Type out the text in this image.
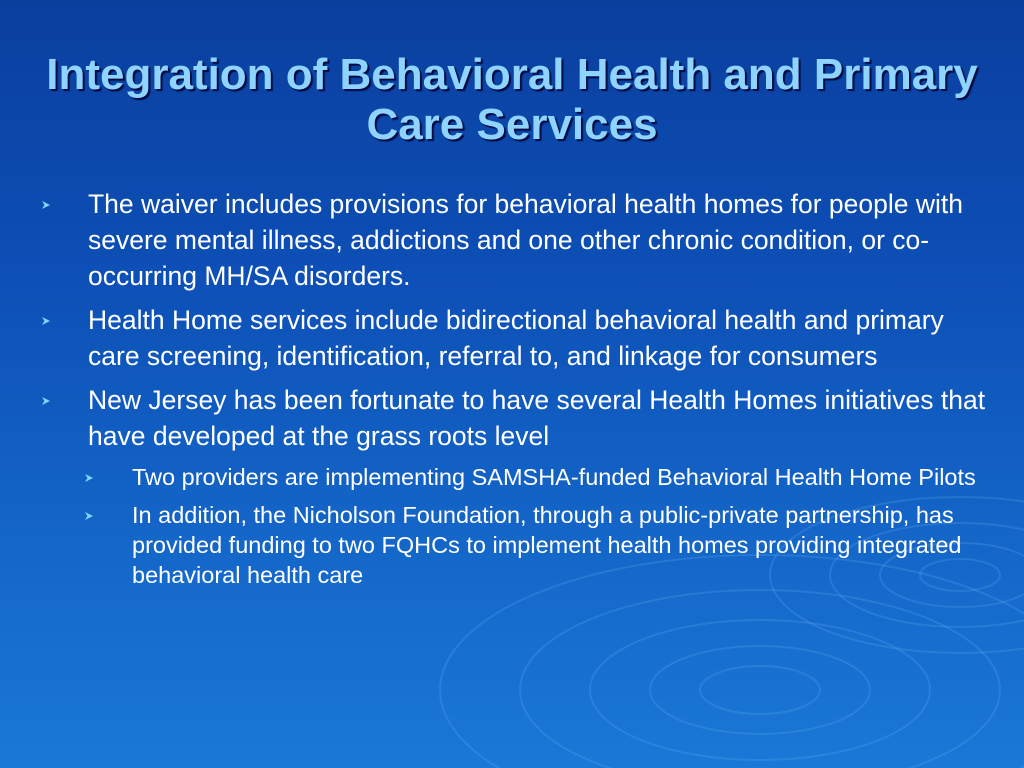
Integration of Behavioral Health and Primary Care Services
The waiver includes provisions for behavioral health homes for people with severe mental illness, addictions and one other chronic condition, or co-occurring MH/SA disorders.
Health Home services include bidirectional behavioral health and primary care screening, identification, referral to, and linkage for consumers
New Jersey has been fortunate to have several Health Homes initiatives that have developed at the grass roots level
Two providers are implementing SAMSHA-funded Behavioral Health Home Pilots
In addition, the Nicholson Foundation, through a public-private partnership, has provided funding to two FQHCs to implement health homes providing integrated behavioral health care
